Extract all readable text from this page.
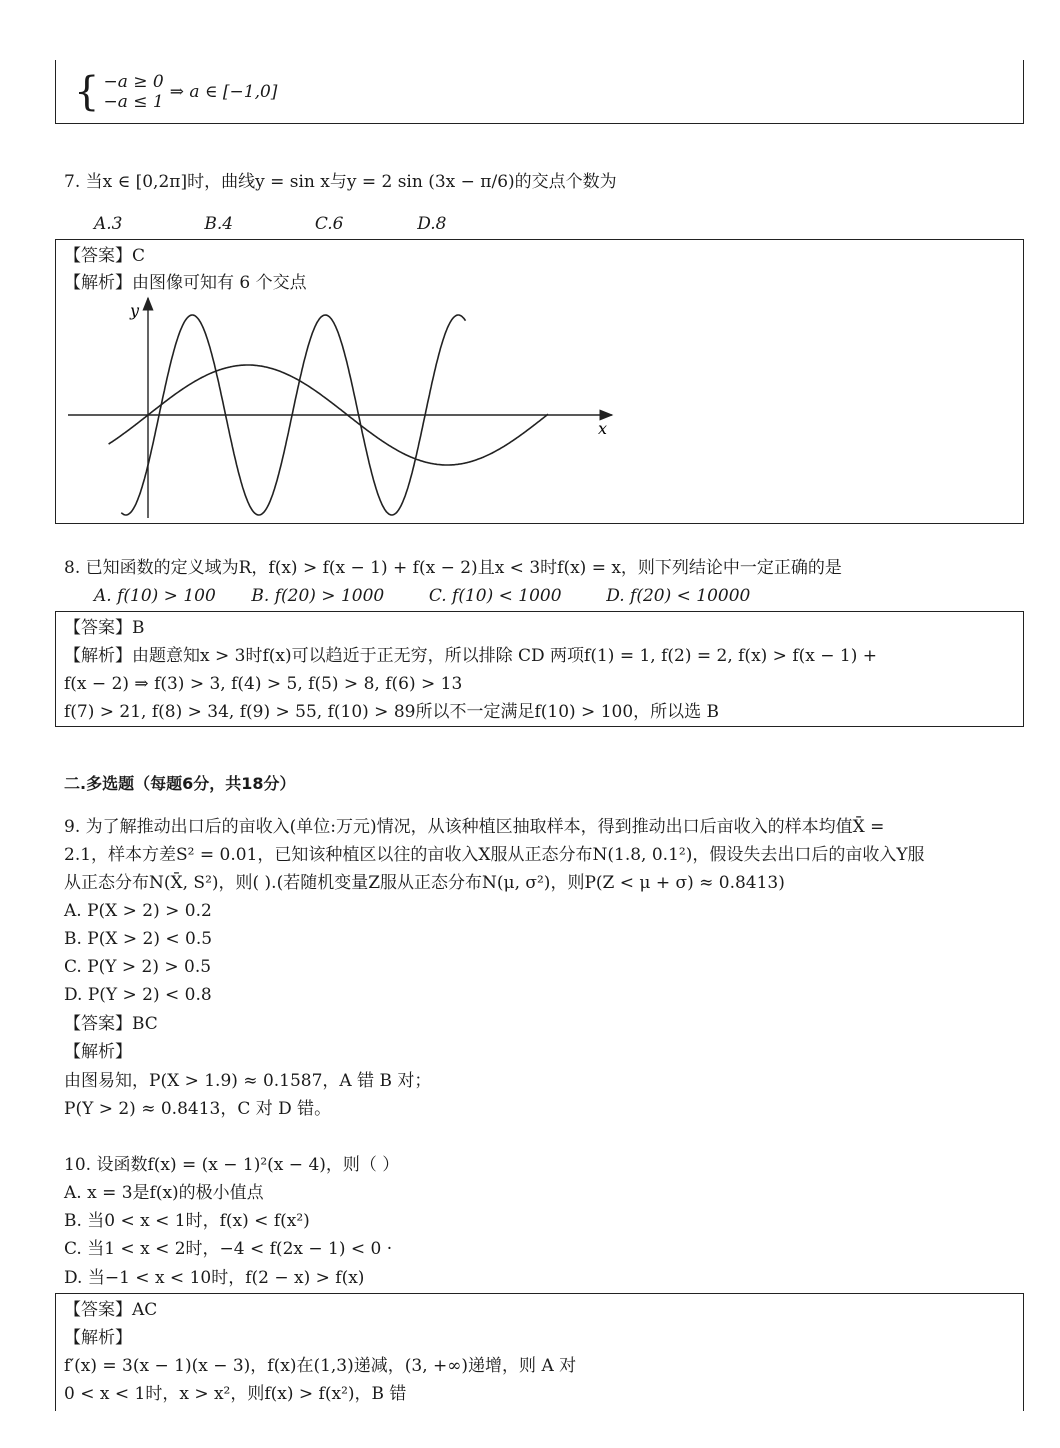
{ −a ≥ 0
−a ≤ 1 ⇒ a ∈ [−1,0]
7. 当x ∈ [0,2π]时，曲线y = sin x与y = 2 sin (3x − π/6)的交点个数为
A.3	B.4	C.6	D.8
【答案】C
【解析】由图像可知有 6 个交点
y
x
8. 已知函数的定义域为R，f(x) > f(x − 1) + f(x − 2)且x < 3时f(x) = x，则下列结论中一定正确的是
A. f(10) > 100 B. f(20) > 1000	C. f(10) < 1000	D. f(20) < 10000
【答案】B
【解析】由题意知x > 3时f(x)可以趋近于正无穷，所以排除 CD 两项f(1) = 1, f(2) = 2, f(x) > f(x − 1) +
f(x − 2) ⇒ f(3) > 3, f(4) > 5, f(5) > 8, f(6) > 13
f(7) > 21, f(8) > 34, f(9) > 55, f(10) > 89所以不一定满足f(10) > 100，所以选 B
二.多选题（每题6分，共18分）
9. 为了解推动出口后的亩收入(单位:万元)情况，从该种植区抽取样本，得到推动出口后亩收入的样本均值X̄ =
2.1，样本方差S² = 0.01，已知该种植区以往的亩收入X服从正态分布N(1.8, 0.1²)，假设失去出口后的亩收入Y服
从正态分布N(X̄, S²)，则( ).(若随机变量Z服从正态分布N(μ, σ²)，则P(Z < μ + σ) ≈ 0.8413)
A. P(X > 2) > 0.2
B. P(X > 2) < 0.5
C. P(Y > 2) > 0.5
D. P(Y > 2) < 0.8
【答案】BC
【解析】
由图易知，P(X > 1.9) ≈ 0.1587，A 错 B 对；
P(Y > 2) ≈ 0.8413，C 对 D 错。
10. 设函数f(x) = (x − 1)²(x − 4)，则（ ）
A. x = 3是f(x)的极小值点
B. 当0 < x < 1时，f(x) < f(x²)
C. 当1 < x < 2时，−4 < f(2x − 1) < 0 ·
D. 当−1 < x < 10时，f(2 − x) > f(x)
【答案】AC
【解析】
f′(x) = 3(x − 1)(x − 3)，f(x)在(1,3)递减，(3, +∞)递增，则 A 对
0 < x < 1时，x > x²，则f(x) > f(x²)，B 错
